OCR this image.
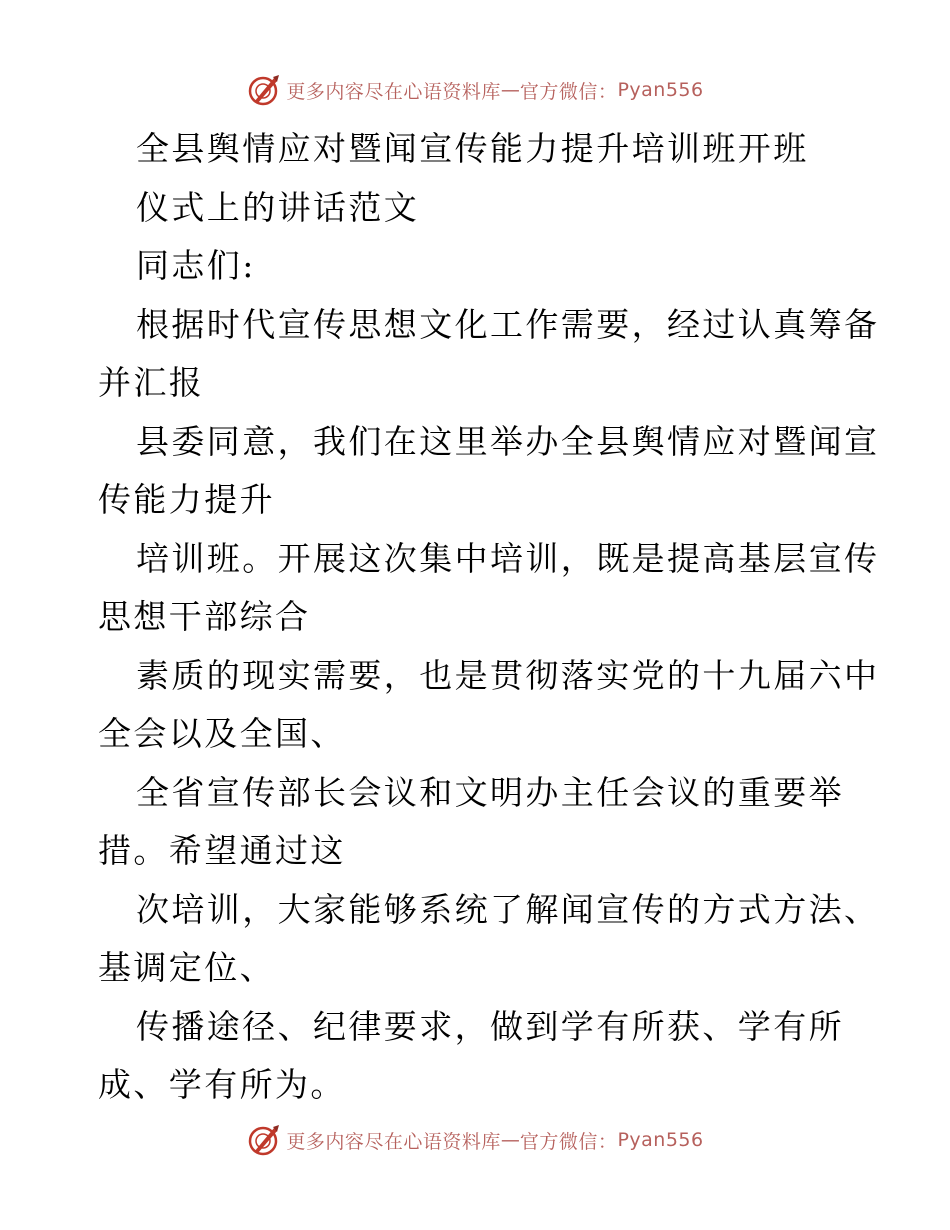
更多内容尽在心语资料库 — 官方微信： Pyan556
全县舆情应对暨闻宣传能力提升培训班开班
仪式上的讲话范文
同志们:
根据时代宣传思想文化工作需要，经过认真筹备
并汇报
县委同意，我们在这里举办全县舆情应对暨闻宣
传能力提升
培训班。开展这次集中培训，既是提高基层宣传
思想干部综合
素质的现实需要，也是贯彻落实党的十九届六中
全会以及全国、
全省宣传部长会议和文明办主任会议的重要举
措。希望通过这
次培训，大家能够系统了解闻宣传的方式方法、
基调定位、
传播途径、纪律要求，做到学有所获、学有所
成、学有所为。
更多内容尽在心语资料库 — 官方微信： Pyan556
